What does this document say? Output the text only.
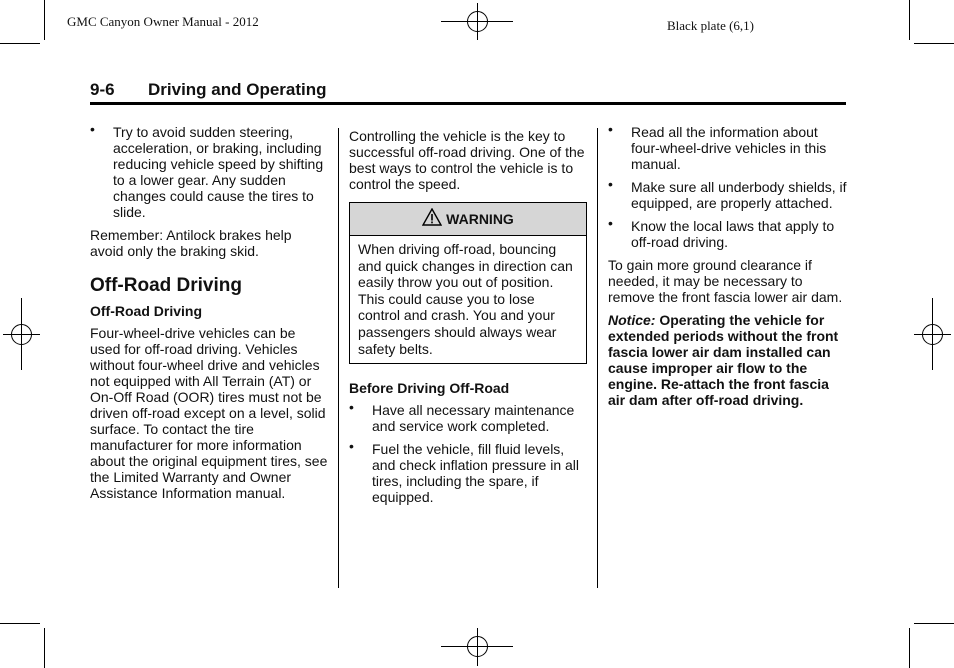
GMC Canyon Owner Manual - 2012	Black plate (6,1)
9-6 Driving and Operating
• Try to avoid sudden steering, acceleration, or braking, including reducing vehicle speed by shifting to a lower gear. Any sudden changes could cause the tires to slide.

Remember: Antilock brakes help avoid only the braking skid.

Off-Road Driving
Off-Road Driving

Four-wheel-drive vehicles can be used for off-road driving. Vehicles without four-wheel drive and vehicles not equipped with All Terrain (AT) or On-Off Road (OOR) tires must not be driven off-road except on a level, solid surface. To contact the tire manufacturer for more information about the original equipment tires, see the Limited Warranty and Owner Assistance Information manual.

Controlling the vehicle is the key to successful off-road driving. One of the best ways to control the vehicle is to control the speed.

WARNING
When driving off-road, bouncing and quick changes in direction can easily throw you out of position. This could cause you to lose control and crash. You and your passengers should always wear safety belts.
Before Driving Off-Road
• Have all necessary maintenance and service work completed.
• Fuel the vehicle, fill fluid levels, and check inflation pressure in all tires, including the spare, if equipped.
• Read all the information about four-wheel-drive vehicles in this manual.
• Make sure all underbody shields, if equipped, are properly attached.
• Know the local laws that apply to off-road driving.

To gain more ground clearance if needed, it may be necessary to remove the front fascia lower air dam.

Notice: Operating the vehicle for extended periods without the front fascia lower air dam installed can cause improper air flow to the engine. Re-attach the front fascia air dam after off-road driving.
